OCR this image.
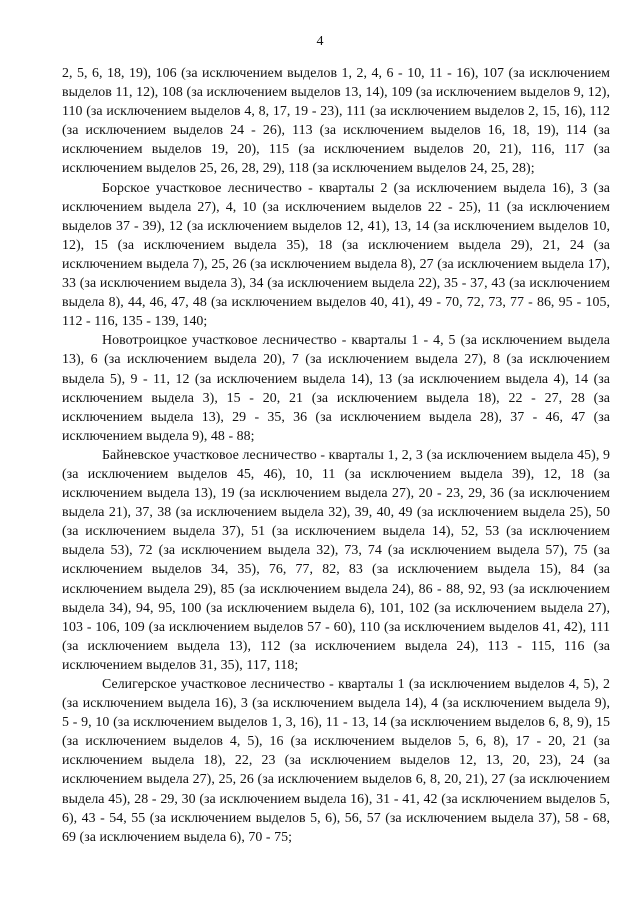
4

2, 5, 6, 18, 19), 106 (за исключением выделов 1, 2, 4, 6 - 10, 11 - 16), 107 (за исключением выделов 11, 12), 108 (за исключением выделов 13, 14), 109 (за исключением выделов 9, 12), 110 (за исключением выделов 4, 8, 17, 19 - 23), 111 (за исключением выделов 2, 15, 16), 112 (за исключением выделов 24 - 26), 113 (за исключением выделов 16, 18, 19), 114 (за исключением выделов 19, 20), 115 (за исключением выделов 20, 21), 116, 117 (за исключением выделов 25, 26, 28, 29), 118 (за исключением выделов 24, 25, 28);

Борское участковое лесничество - кварталы 2 (за исключением выдела 16), 3 (за исключением выдела 27), 4, 10 (за исключением выделов 22 - 25), 11 (за исключением выделов 37 - 39), 12 (за исключением выделов 12, 41), 13, 14 (за исключением выделов 10, 12), 15 (за исключением выдела 35), 18 (за исключением выдела 29), 21, 24 (за исключением выдела 7), 25, 26 (за исключением выдела 8), 27 (за исключением выдела 17), 33 (за исключением выдела 3), 34 (за исключением выдела 22), 35 - 37, 43 (за исключением выдела 8), 44, 46, 47, 48 (за исключением выделов 40, 41), 49 - 70, 72, 73, 77 - 86, 95 - 105, 112 - 116, 135 - 139, 140;

Новотроицкое участковое лесничество - кварталы 1 - 4, 5 (за исключением выдела 13), 6 (за исключением выдела 20), 7 (за исключением выдела 27), 8 (за исключением выдела 5), 9 - 11, 12 (за исключением выдела 14), 13 (за исключением выдела 4), 14 (за исключением выдела 3), 15 - 20, 21 (за исключением выдела 18), 22 - 27, 28 (за исключением выдела 13), 29 - 35, 36 (за исключением выдела 28), 37 - 46, 47 (за исключением выдела 9), 48 - 88;

Байневское участковое лесничество - кварталы 1, 2, 3 (за исключением выдела 45), 9 (за исключением выделов 45, 46), 10, 11 (за исключением выдела 39), 12, 18 (за исключением выдела 13), 19 (за исключением выдела 27), 20 - 23, 29, 36 (за исключением выдела 21), 37, 38 (за исключением выдела 32), 39, 40, 49 (за исключением выдела 25), 50 (за исключением выдела 37), 51 (за исключением выдела 14), 52, 53 (за исключением выдела 53), 72 (за исключением выдела 32), 73, 74 (за исключением выдела 57), 75 (за исключением выделов 34, 35), 76, 77, 82, 83 (за исключением выдела 15), 84 (за исключением выдела 29), 85 (за исключением выдела 24), 86 - 88, 92, 93 (за исключением выдела 34), 94, 95, 100 (за исключением выдела 6), 101, 102 (за исключением выдела 27), 103 - 106, 109 (за исключением выделов 57 - 60), 110 (за исключением выделов 41, 42), 111 (за исключением выдела 13), 112 (за исключением выдела 24), 113 - 115, 116 (за исключением выделов 31, 35), 117, 118;

Селигерское участковое лесничество - кварталы 1 (за исключением выделов 4, 5), 2 (за исключением выдела 16), 3 (за исключением выдела 14), 4 (за исключением выдела 9), 5 - 9, 10 (за исключением выделов 1, 3, 16), 11 - 13, 14 (за исключением выделов 6, 8, 9), 15 (за исключением выделов 4, 5), 16 (за исключением выделов 5, 6, 8), 17 - 20, 21 (за исключением выдела 18), 22, 23 (за исключением выделов 12, 13, 20, 23), 24 (за исключением выдела 27), 25, 26 (за исключением выделов 6, 8, 20, 21), 27 (за исключением выдела 45), 28 - 29, 30 (за исключением выдела 16), 31 - 41, 42 (за исключением выделов 5, 6), 43 - 54, 55 (за исключением выделов 5, 6), 56, 57 (за исключением выдела 37), 58 - 68, 69 (за исключением выдела 6), 70 - 75;
